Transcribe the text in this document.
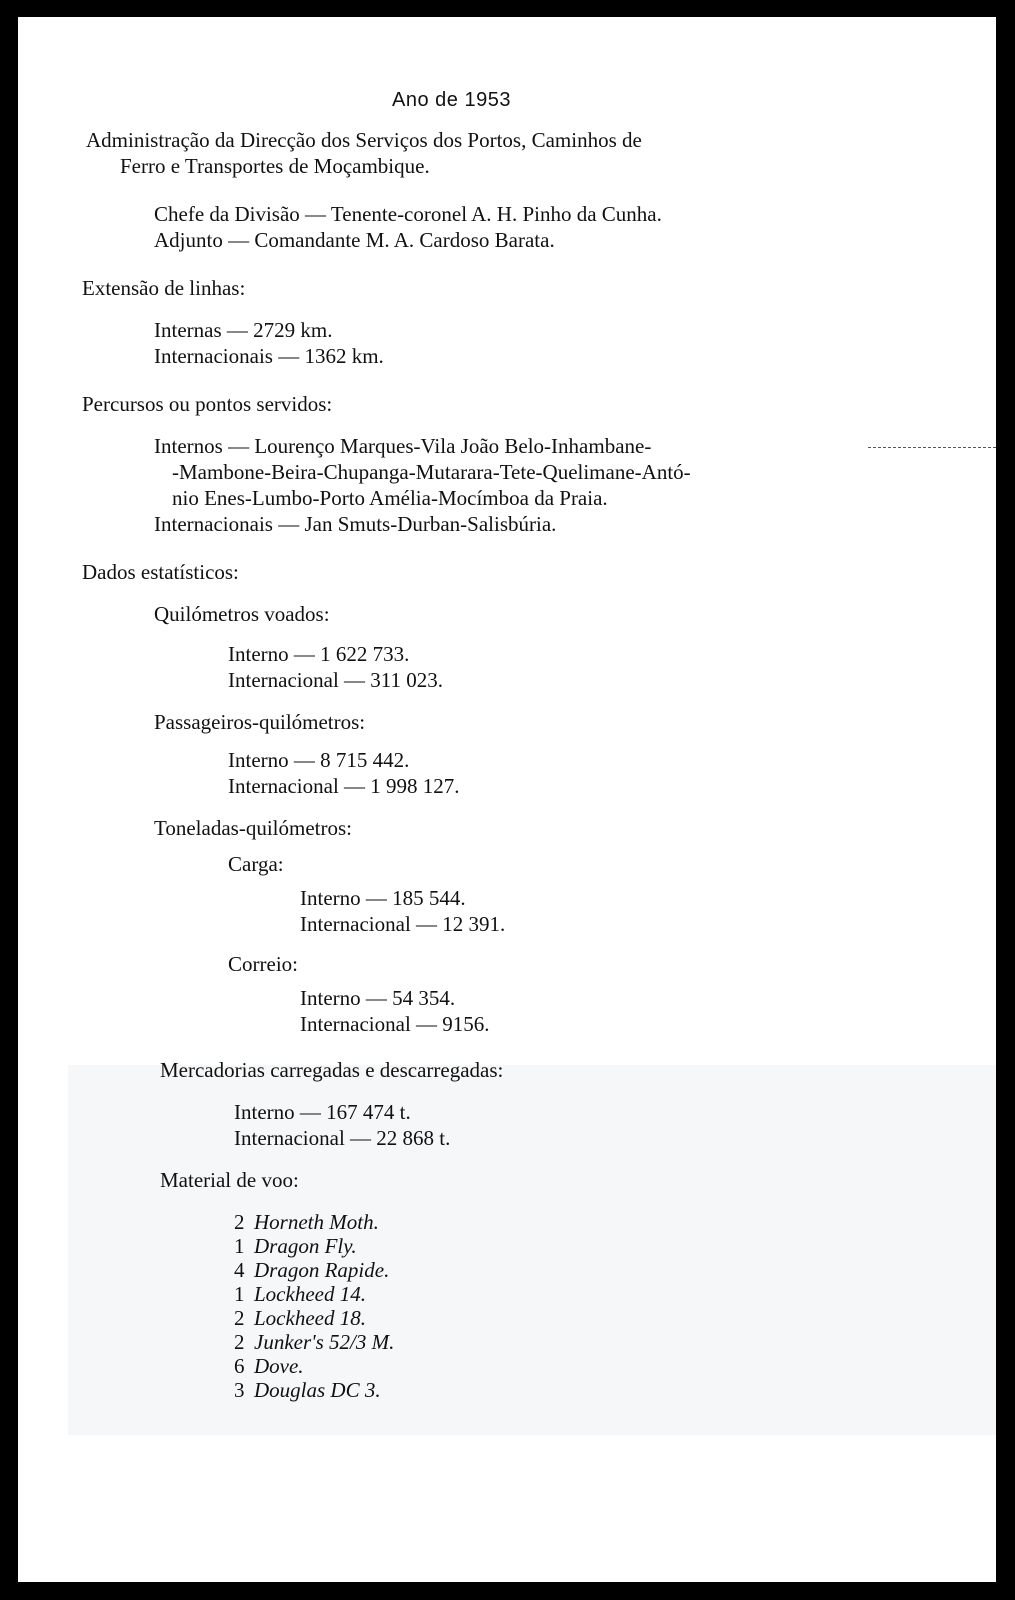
Ano de 1953
Administração da Direcção dos Serviços dos Portos, Caminhos de
Ferro e Transportes de Moçambique.
Chefe da Divisão — Tenente-coronel A. H. Pinho da Cunha.
Adjunto — Comandante M. A. Cardoso Barata.
Extensão de linhas:
Internas — 2729 km.
Internacionais — 1362 km.
Percursos ou pontos servidos:
Internos — Lourenço Marques-Vila João Belo-Inhambane-
-Mambone-Beira-Chupanga-Mutarara-Tete-Quelimane-Antó-
nio Enes-Lumbo-Porto Amélia-Mocímboa da Praia.
Internacionais — Jan Smuts-Durban-Salisbúria.
Dados estatísticos:
Quilómetros voados:
Interno — 1 622 733.
Internacional — 311 023.
Passageiros-quilómetros:
Interno — 8 715 442.
Internacional — 1 998 127.
Toneladas-quilómetros:
Carga:
Interno — 185 544.
Internacional — 12 391.
Correio:
Interno — 54 354.
Internacional — 9156.
Mercadorias carregadas e descarregadas:
Interno — 167 474 t.
Internacional — 22 868 t.
Material de voo:
2 Horneth Moth.
1 Dragon Fly.
4 Dragon Rapide.
1 Lockheed 14.
2 Lockheed 18.
2 Junker's 52/3 M.
6 Dove.
3 Douglas DC 3.
